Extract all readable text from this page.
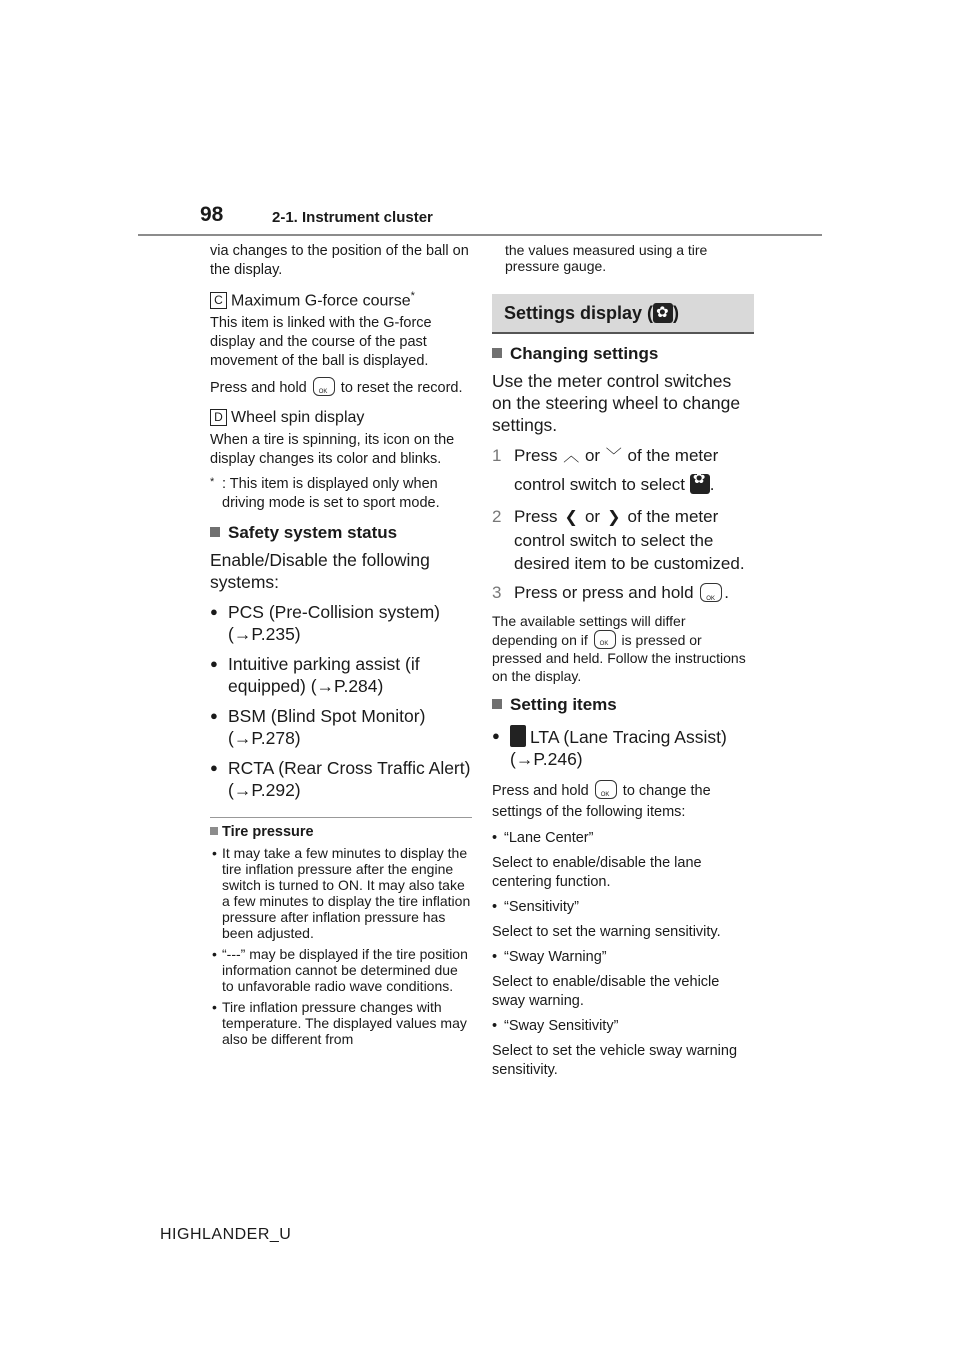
98	2-1. Instrument cluster
via changes to the position of the ball on the display.
C Maximum G-force course*
This item is linked with the G-force display and the course of the past movement of the ball is displayed.
Press and hold OK to reset the record.
D Wheel spin display
When a tire is spinning, its icon on the display changes its color and blinks.
* : This item is displayed only when driving mode is set to sport mode.
Safety system status
Enable/Disable the following systems:
● PCS (Pre-Collision system) (→P.235)
● Intuitive parking assist (if equipped) (→P.284)
● BSM (Blind Spot Monitor) (→P.278)
● RCTA (Rear Cross Traffic Alert) (→P.292)
Tire pressure
• It may take a few minutes to display the tire inflation pressure after the engine switch is turned to ON. It may also take a few minutes to display the tire inflation pressure after inflation pressure has been adjusted.
• “---” may be displayed if the tire position information cannot be determined due to unfavorable radio wave conditions.
• Tire inflation pressure changes with temperature. The displayed values may also be different from
the values measured using a tire pressure gauge.
Settings display ( ✿ )
Changing settings
Use the meter control switches on the steering wheel to change settings.
1 Press ︿ or ﹀ of the meter control switch to select ✿ .
2 Press ❮ or ❯ of the meter control switch to select the desired item to be customized.
3 Press or press and hold OK .
The available settings will differ depending on if OK is pressed or pressed and held. Follow the instructions on the display.
Setting items
● LTA (Lane Tracing Assist) (→P.246)
Press and hold OK to change the settings of the following items:
• “Lane Center”
Select to enable/disable the lane centering function.
• “Sensitivity”
Select to set the warning sensitivity.
• “Sway Warning”
Select to enable/disable the vehicle sway warning.
• “Sway Sensitivity”
Select to set the vehicle sway warning sensitivity.
HIGHLANDER_U
